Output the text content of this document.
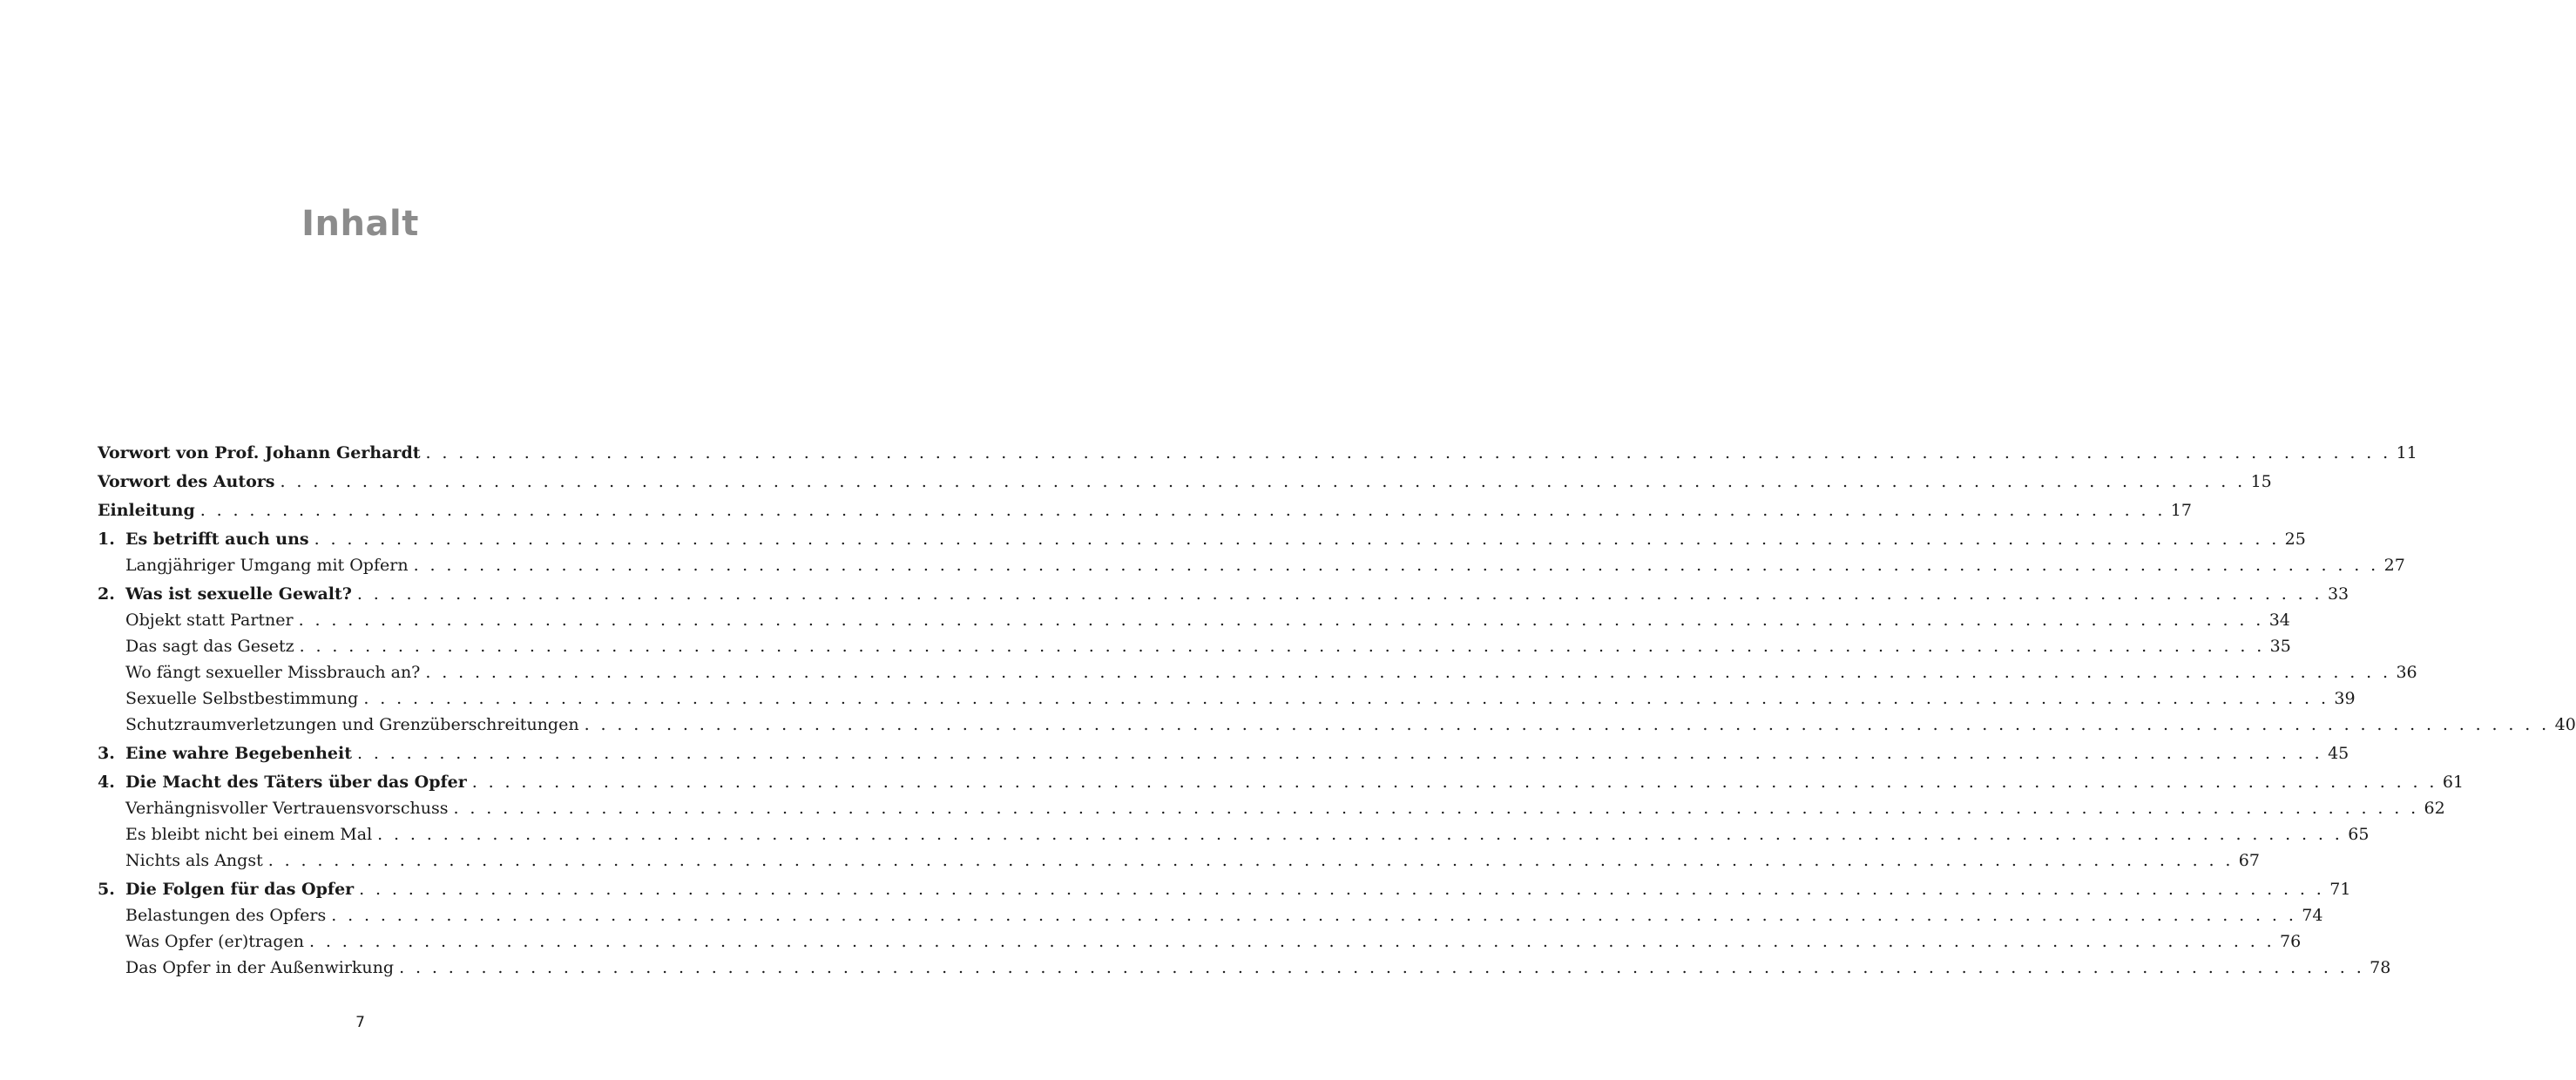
Inhalt
Vorwort von Prof. Johann Gerhardt . . . . . . . . . . . . . . . . . . . . . . . . . . . . . . . . . . . . . . . . . . . . . . . . . . . . . . . . . . . . . . . . . . . . . . . . . . . . . . . . . . . . . . . . . . . . . . . . . . . . . . . . . . . . . . . . . . . . . . . . 11
Vorwort des Autors . . . . . . . . . . . . . . . . . . . . . . . . . . . . . . . . . . . . . . . . . . . . . . . . . . . . . . . . . . . . . . . . . . . . . . . . . . . . . . . . . . . . . . . . . . . . . . . . . . . . . . . . . . . . . . . . . . . . . . . . 15
Einleitung . . . . . . . . . . . . . . . . . . . . . . . . . . . . . . . . . . . . . . . . . . . . . . . . . . . . . . . . . . . . . . . . . . . . . . . . . . . . . . . . . . . . . . . . . . . . . . . . . . . . . . . . . . . . . . . . . . . . . . . . 17
1. Es betrifft auch uns . . . . . . . . . . . . . . . . . . . . . . . . . . . . . . . . . . . . . . . . . . . . . . . . . . . . . . . . . . . . . . . . . . . . . . . . . . . . . . . . . . . . . . . . . . . . . . . . . . . . . . . . . . . . . . . . . . . . . . . . 25
Langjähriger Umgang mit Opfern . . . . . . . . . . . . . . . . . . . . . . . . . . . . . . . . . . . . . . . . . . . . . . . . . . . . . . . . . . . . . . . . . . . . . . . . . . . . . . . . . . . . . . . . . . . . . . . . . . . . . . . . . . . . . . . . . . . . . . . . 27
2. Was ist sexuelle Gewalt? . . . . . . . . . . . . . . . . . . . . . . . . . . . . . . . . . . . . . . . . . . . . . . . . . . . . . . . . . . . . . . . . . . . . . . . . . . . . . . . . . . . . . . . . . . . . . . . . . . . . . . . . . . . . . . . . . . . . . . . . 33
Objekt statt Partner . . . . . . . . . . . . . . . . . . . . . . . . . . . . . . . . . . . . . . . . . . . . . . . . . . . . . . . . . . . . . . . . . . . . . . . . . . . . . . . . . . . . . . . . . . . . . . . . . . . . . . . . . . . . . . . . . . . . . . . . 34
Das sagt das Gesetz . . . . . . . . . . . . . . . . . . . . . . . . . . . . . . . . . . . . . . . . . . . . . . . . . . . . . . . . . . . . . . . . . . . . . . . . . . . . . . . . . . . . . . . . . . . . . . . . . . . . . . . . . . . . . . . . . . . . . . . . 35
Wo fängt sexueller Missbrauch an? . . . . . . . . . . . . . . . . . . . . . . . . . . . . . . . . . . . . . . . . . . . . . . . . . . . . . . . . . . . . . . . . . . . . . . . . . . . . . . . . . . . . . . . . . . . . . . . . . . . . . . . . . . . . . . . . . . . . . . . . 36
Sexuelle Selbstbestimmung . . . . . . . . . . . . . . . . . . . . . . . . . . . . . . . . . . . . . . . . . . . . . . . . . . . . . . . . . . . . . . . . . . . . . . . . . . . . . . . . . . . . . . . . . . . . . . . . . . . . . . . . . . . . . . . . . . . . . . . . 39
Schutzraumverletzungen und Grenzüberschreitungen . . . . . . . . . . . . . . . . . . . . . . . . . . . . . . . . . . . . . . . . . . . . . . . . . . . . . . . . . . . . . . . . . . . . . . . . . . . . . . . . . . . . . . . . . . . . . . . . . . . . . . . . . . . . . . . . . . . . . . . . 40
3. Eine wahre Begebenheit . . . . . . . . . . . . . . . . . . . . . . . . . . . . . . . . . . . . . . . . . . . . . . . . . . . . . . . . . . . . . . . . . . . . . . . . . . . . . . . . . . . . . . . . . . . . . . . . . . . . . . . . . . . . . . . . . . . . . . . . 45
4. Die Macht des Täters über das Opfer . . . . . . . . . . . . . . . . . . . . . . . . . . . . . . . . . . . . . . . . . . . . . . . . . . . . . . . . . . . . . . . . . . . . . . . . . . . . . . . . . . . . . . . . . . . . . . . . . . . . . . . . . . . . . . . . . . . . . . . . 61
Verhängnisvoller Vertrauensvorschuss . . . . . . . . . . . . . . . . . . . . . . . . . . . . . . . . . . . . . . . . . . . . . . . . . . . . . . . . . . . . . . . . . . . . . . . . . . . . . . . . . . . . . . . . . . . . . . . . . . . . . . . . . . . . . . . . . . . . . . . . 62
Es bleibt nicht bei einem Mal . . . . . . . . . . . . . . . . . . . . . . . . . . . . . . . . . . . . . . . . . . . . . . . . . . . . . . . . . . . . . . . . . . . . . . . . . . . . . . . . . . . . . . . . . . . . . . . . . . . . . . . . . . . . . . . . . . . . . . . . 65
Nichts als Angst . . . . . . . . . . . . . . . . . . . . . . . . . . . . . . . . . . . . . . . . . . . . . . . . . . . . . . . . . . . . . . . . . . . . . . . . . . . . . . . . . . . . . . . . . . . . . . . . . . . . . . . . . . . . . . . . . . . . . . . . 67
5. Die Folgen für das Opfer . . . . . . . . . . . . . . . . . . . . . . . . . . . . . . . . . . . . . . . . . . . . . . . . . . . . . . . . . . . . . . . . . . . . . . . . . . . . . . . . . . . . . . . . . . . . . . . . . . . . . . . . . . . . . . . . . . . . . . . . 71
Belastungen des Opfers . . . . . . . . . . . . . . . . . . . . . . . . . . . . . . . . . . . . . . . . . . . . . . . . . . . . . . . . . . . . . . . . . . . . . . . . . . . . . . . . . . . . . . . . . . . . . . . . . . . . . . . . . . . . . . . . . . . . . . . . 74
Was Opfer (er)tragen . . . . . . . . . . . . . . . . . . . . . . . . . . . . . . . . . . . . . . . . . . . . . . . . . . . . . . . . . . . . . . . . . . . . . . . . . . . . . . . . . . . . . . . . . . . . . . . . . . . . . . . . . . . . . . . . . . . . . . . . 76
Das Opfer in der Außenwirkung . . . . . . . . . . . . . . . . . . . . . . . . . . . . . . . . . . . . . . . . . . . . . . . . . . . . . . . . . . . . . . . . . . . . . . . . . . . . . . . . . . . . . . . . . . . . . . . . . . . . . . . . . . . . . . . . . . . . . . . . 78
7
